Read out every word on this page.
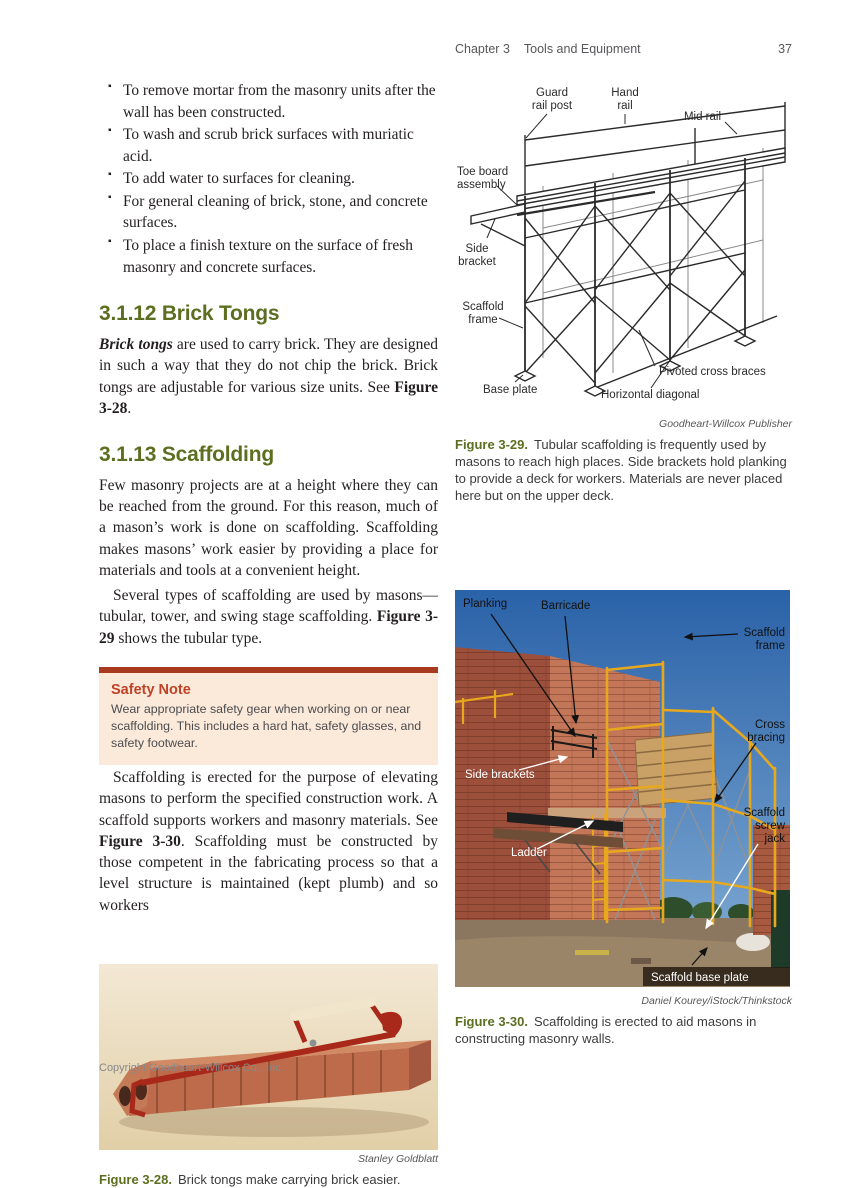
Chapter 3 Tools and Equipment	37
▪ To remove mortar from the masonry units after the wall has been constructed.
▪ To wash and scrub brick surfaces with muriatic acid.
▪ To add water to surfaces for cleaning.
▪ For general cleaning of brick, stone, and concrete surfaces.
▪ To place a finish texture on the surface of fresh masonry and concrete surfaces.
3.1.12 Brick Tongs

Brick tongs are used to carry brick. They are designed in such a way that they do not chip the brick. Brick tongs are adjustable for various size units. See Figure 3-28.

3.1.13 Scaffolding

Few masonry projects are at a height where they can be reached from the ground. For this reason, much of a mason’s work is done on scaffolding. Scaffolding makes masons’ work easier by providing a place for materials and tools at a convenient height.

Several types of scaffolding are used by masons—tubular, tower, and swing stage scaffolding. Figure 3-29 shows the tubular type.

Safety Note
Wear appropriate safety gear when working on or near scaffolding. This includes a hard hat, safety glasses, and safety footwear.

Scaffolding is erected for the purpose of elevating masons to perform the specified construction work. A scaffold supports workers and masonry materials. See Figure 3-30. Scaffolding must be constructed by those competent in the fabricating process so that a level structure is maintained (kept plumb) and so workers

Stanley Goldblatt

Figure 3-28. Brick tongs make carrying brick easier.

Copyright Goodheart-Willcox Co., Inc.
Guard
rail post
Hand
rail
Mid rail
Toe board
assembly
Side
bracket
Scaffold
frame
Base plate	Horizontal diagonal
Pivoted cross braces
Goodheart-Willcox Publisher

Figure 3-29. Tubular scaffolding is frequently used by masons to reach high places. Side brackets hold planking to provide a deck for workers. Materials are never placed here but on the upper deck.

Planking	Barricade
Scaffold
frame
Cross
bracing
Side brackets
Ladder
Scaffold
screw
jack
Scaffold base plate
Daniel Kourey/iStock/Thinkstock

Figure 3-30. Scaffolding is erected to aid masons in constructing masonry walls.
